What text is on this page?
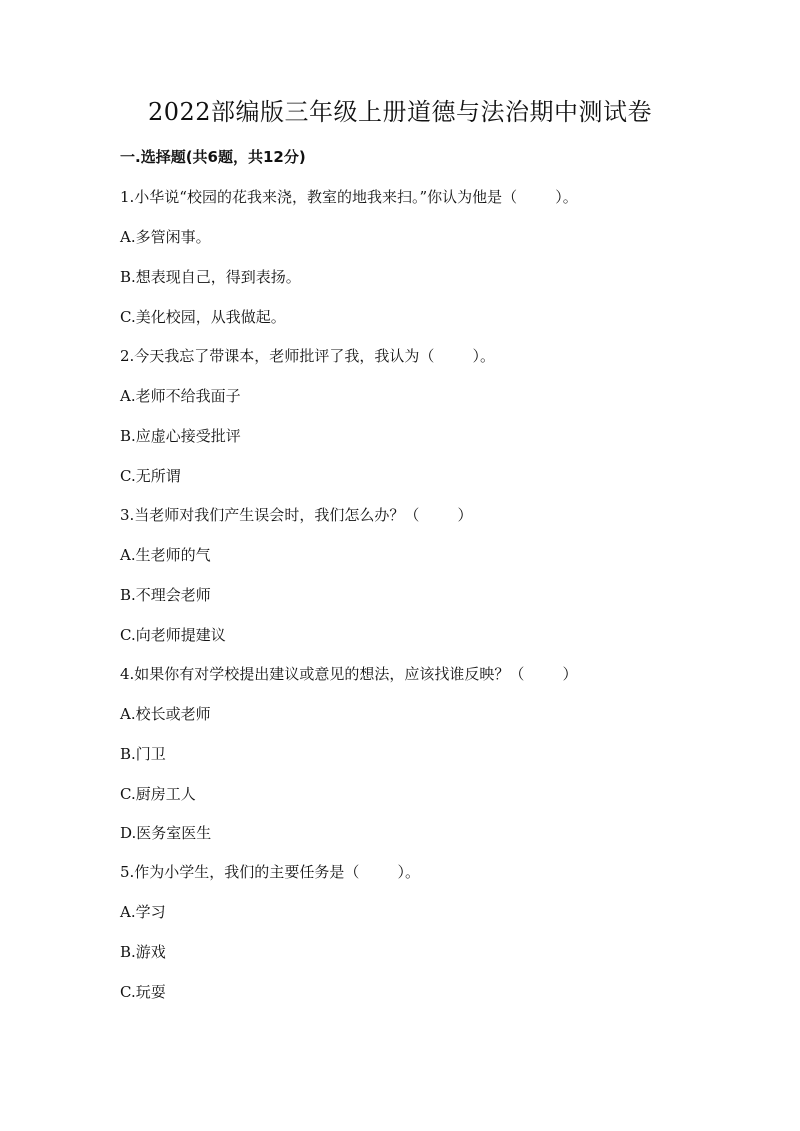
2022部编版三年级上册道德与法治期中测试卷
一.选择题(共6题，共12分)
1.小华说“校园的花我来浇，教室的地我来扫。”你认为他是（        ）。
A.多管闲事。
B.想表现自己，得到表扬。
C.美化校园，从我做起。
2.今天我忘了带课本，老师批评了我，我认为（        ）。
A.老师不给我面子
B.应虚心接受批评
C.无所谓
3.当老师对我们产生误会时，我们怎么办？（        ）
A.生老师的气
B.不理会老师
C.向老师提建议
4.如果你有对学校提出建议或意见的想法，应该找谁反映？（        ）
A.校长或老师
B.门卫
C.厨房工人
D.医务室医生
5.作为小学生，我们的主要任务是（        ）。
A.学习
B.游戏
C.玩耍
